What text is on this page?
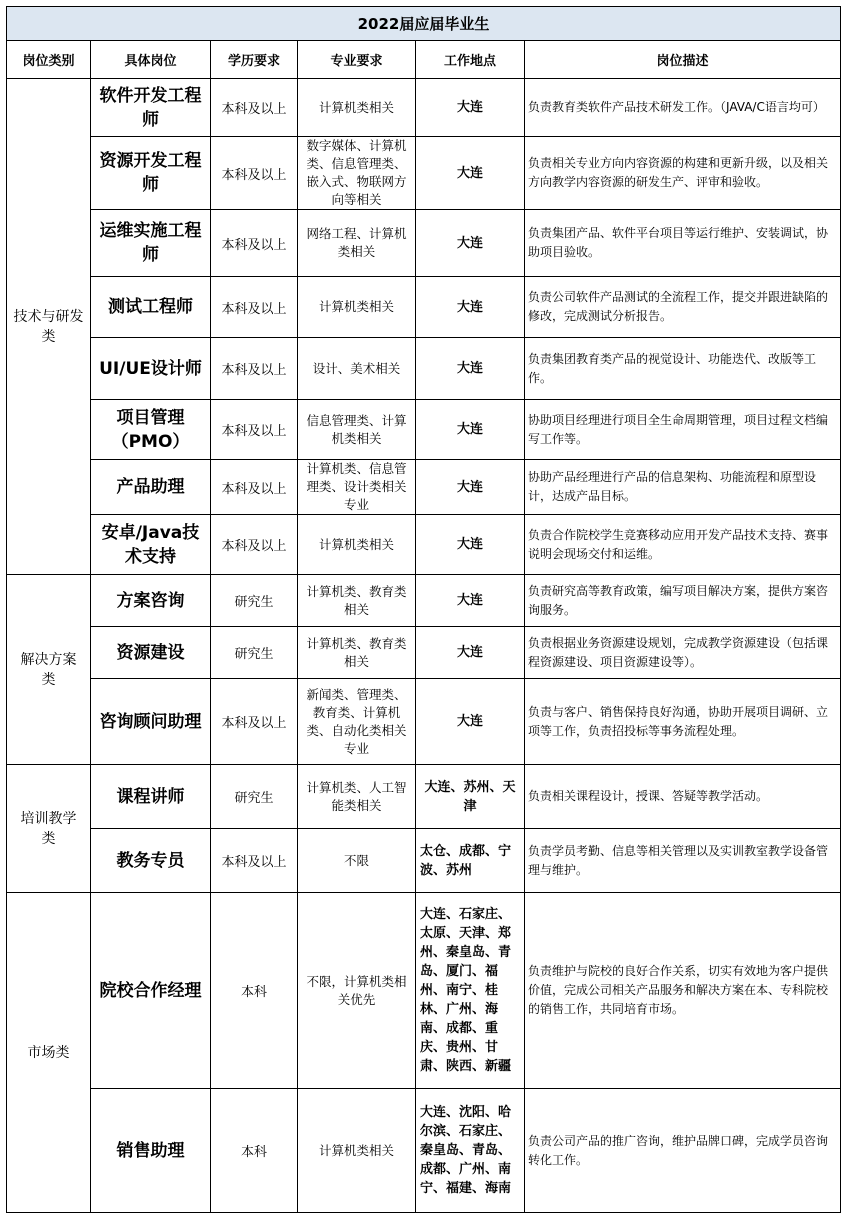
2022届应届毕业生					
岗位类别	具体岗位	学历要求	专业要求	工作地点	岗位描述

技术与研发类	软件开发工程师	本科及以上	计算机类相关	大连	负责教育类软件产品技术研发工作。（JAVA/C语言均可）
	资源开发工程师	本科及以上	数字媒体、计算机类、信息管理类、嵌入式、物联网方向等相关	大连	负责相关专业方向内容资源的构建和更新升级，以及相关方向教学内容资源的研发生产、评审和验收。
	运维实施工程师	本科及以上	网络工程、计算机类相关	大连	负责集团产品、软件平台项目等运行维护、安装调试，协助项目验收。
	测试工程师	本科及以上	计算机类相关	大连	负责公司软件产品测试的全流程工作，提交并跟进缺陷的修改，完成测试分析报告。
	UI/UE设计师	本科及以上	设计、美术相关	大连	负责集团教育类产品的视觉设计、功能迭代、改版等工作。
	项目管理（PMO）	本科及以上	信息管理类、计算机类相关	大连	协助项目经理进行项目全生命周期管理，项目过程文档编写工作等。
	产品助理	本科及以上	计算机类、信息管理类、设计类相关专业	大连	协助产品经理进行产品的信息架构、功能流程和原型设计，达成产品目标。
	安卓/Java技术支持	本科及以上	计算机类相关	大连	负责合作院校学生竞赛移动应用开发产品技术支持、赛事说明会现场交付和运维。

解决方案类	方案咨询	研究生	计算机类、教育类相关	大连	负责研究高等教育政策，编写项目解决方案，提供方案咨询服务。
	资源建设	研究生	计算机类、教育类相关	大连	负责根据业务资源建设规划，完成教学资源建设（包括课程资源建设、项目资源建设等）。
	咨询顾问助理	本科及以上	新闻类、管理类、教育类、计算机类、自动化类相关专业	大连	负责与客户、销售保持良好沟通，协助开展项目调研、立项等工作，负责招投标等事务流程处理。

培训教学类	课程讲师	研究生	计算机类、人工智能类相关	大连、苏州、天津	负责相关课程设计，授课、答疑等教学活动。
	教务专员	本科及以上	不限	太仓、成都、宁波、苏州	负责学员考勤、信息等相关管理以及实训教室教学设备管理与维护。
市场类	院校合作经理	本科	不限，计算机类相关优先	大连、石家庄、太原、天津、郑州、秦皇岛、青岛、厦门、福州、南宁、桂林、广州、海南、成都、重庆、贵州、甘肃、陕西、新疆	负责维护与院校的良好合作关系，切实有效地为客户提供价值，完成公司相关产品服务和解决方案在本、专科院校的销售工作，共同培育市场。
	销售助理	本科	计算机类相关	大连、沈阳、哈尔滨、石家庄、秦皇岛、青岛、成都、广州、南宁、福建、海南	负责公司产品的推广咨询，维护品牌口碑，完成学员咨询转化工作。
